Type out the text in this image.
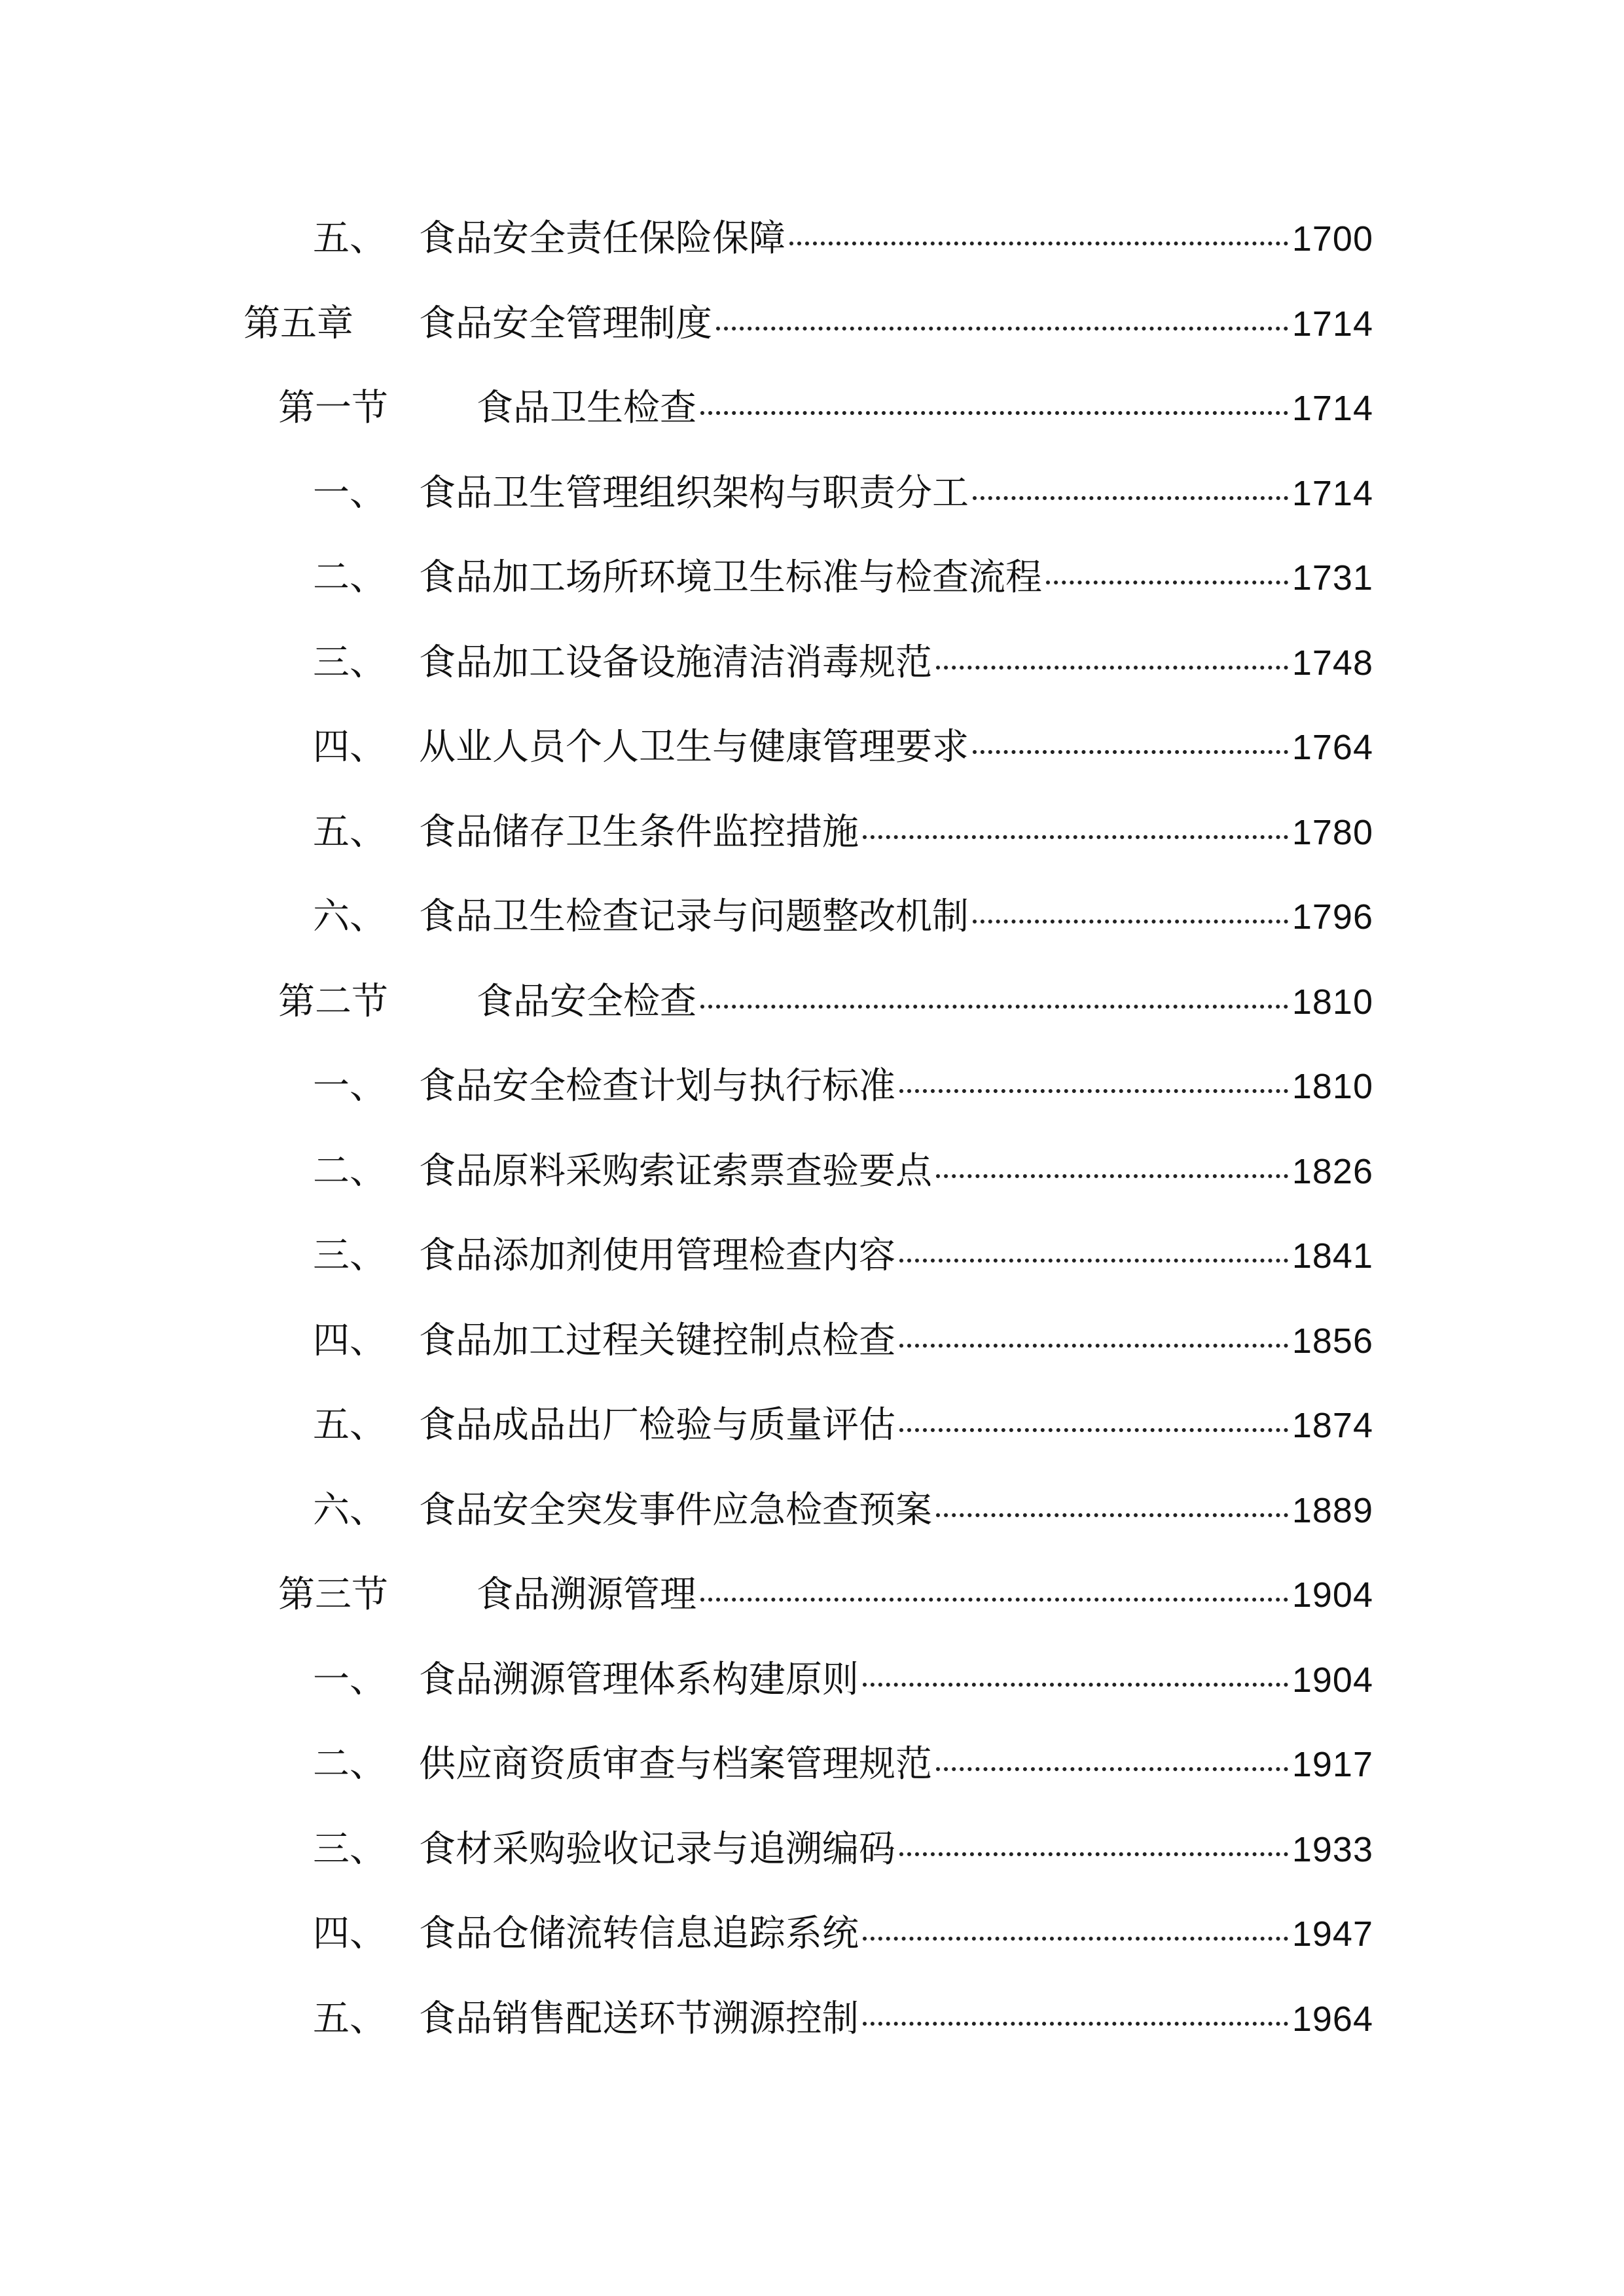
五、 食品安全责任保险保障	1700
第五章 食品安全管理制度	1714
第一节 食品卫生检查	1714
一、 食品卫生管理组织架构与职责分工	1714
二、 食品加工场所环境卫生标准与检查流程	1731
三、 食品加工设备设施清洁消毒规范	1748
四、 从业人员个人卫生与健康管理要求	1764
五、 食品储存卫生条件监控措施	1780
六、 食品卫生检查记录与问题整改机制	1796
第二节 食品安全检查	1810
一、 食品安全检查计划与执行标准	1810
二、 食品原料采购索证索票查验要点	1826
三、 食品添加剂使用管理检查内容	1841
四、 食品加工过程关键控制点检查	1856
五、 食品成品出厂检验与质量评估	1874
六、 食品安全突发事件应急检查预案	1889
第三节 食品溯源管理	1904
一、 食品溯源管理体系构建原则	1904
二、 供应商资质审查与档案管理规范	1917
三、 食材采购验收记录与追溯编码	1933
四、 食品仓储流转信息追踪系统	1947
五、 食品销售配送环节溯源控制	1964
